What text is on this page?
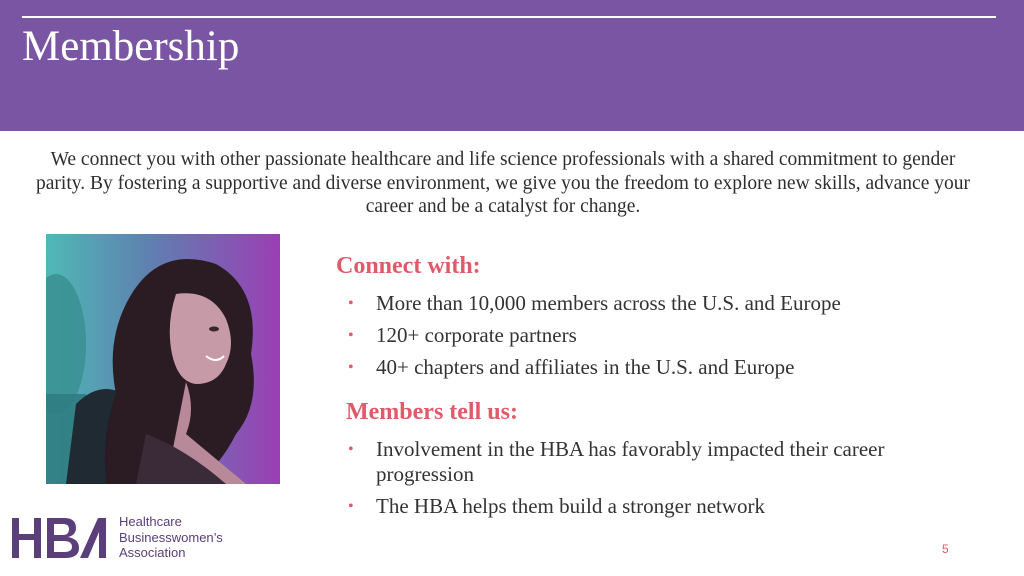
Membership
We connect you with other passionate healthcare and life science professionals with a shared commitment to gender parity. By fostering a supportive and diverse environment, we give you the freedom to explore new skills, advance your career and be a catalyst for change.
Connect with:
• More than 10,000 members across the U.S. and Europe
• 120+ corporate partners
• 40+ chapters and affiliates in the U.S. and Europe
Members tell us:
• Involvement in the HBA has favorably impacted their career progression
• The HBA helps them build a stronger network
Healthcare
Businesswomen’s
Association	5
